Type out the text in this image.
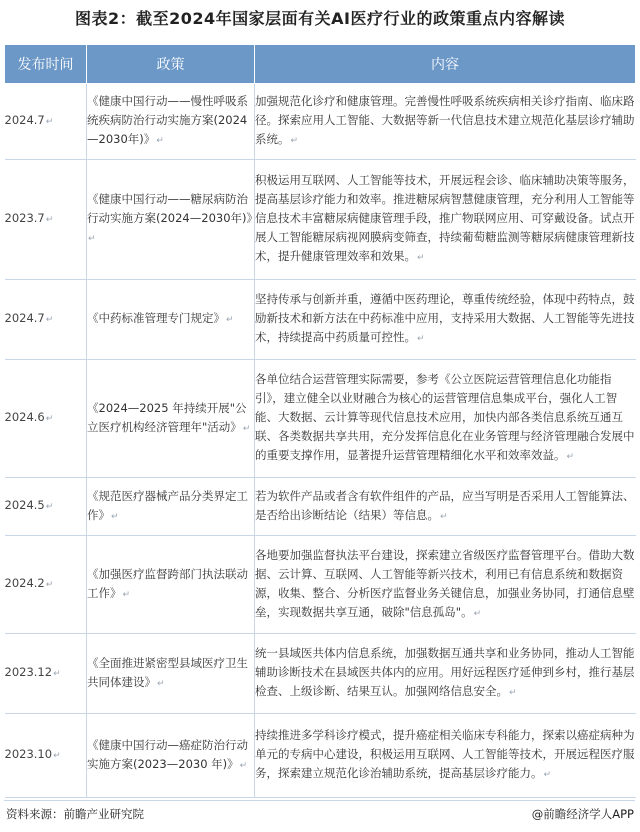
图表2：截至2024年国家层面有关AI医疗行业的政策重点内容解读
发布时间	政策	内容
2024.7↵	《健康中国行动——慢性呼吸系统疾病防治行动实施方案(2024—2030年)》↵	加强规范化诊疗和健康管理。完善慢性呼吸系统疾病相关诊疗指南、临床路径。探索应用人工智能、大数据等新一代信息技术建立规范化基层诊疗辅助系统。↵
2023.7↵	《健康中国行动——糖尿病防治行动实施方案(2024—2030年)》↵	积极运用互联网、人工智能等技术，开展远程会诊、临床辅助决策等服务，提高基层诊疗能力和效率。推进糖尿病智慧健康管理，充分利用人工智能等信息技术丰富糖尿病健康管理手段，推广物联网应用、可穿戴设备。试点开展人工智能糖尿病视网膜病变筛查，持续葡萄糖监测等糖尿病健康管理新技术，提升健康管理效率和效果。↵
2024.7↵	《中药标准管理专门规定》↵	坚持传承与创新并重，遵循中医药理论，尊重传统经验，体现中药特点，鼓励新技术和新方法在中药标准中应用，支持采用大数据、人工智能等先进技术，持续提高中药质量可控性。↵
2024.6↵	《2024—2025 年持续开展"公立医疗机构经济管理年"活动》↵	各单位结合运营管理实际需要，参考《公立医院运营管理信息化功能指引》，建立健全以业财融合为核心的运营管理信息集成平台，强化人工智能、大数据、云计算等现代信息技术应用，加快内部各类信息系统互通互联、各类数据共享共用，充分发挥信息化在业务管理与经济管理融合发展中的重要支撑作用，显著提升运营管理精细化水平和效率效益。↵
2024.5↵	《规范医疗器械产品分类界定工作》↵	若为软件产品或者含有软件组件的产品，应当写明是否采用人工智能算法、是否给出诊断结论（结果）等信息。↵
2024.2↵	《加强医疗监督跨部门执法联动工作》↵	各地要加强监督执法平台建设，探索建立省级医疗监督管理平台。借助大数据、云计算、互联网、人工智能等新兴技术，利用已有信息系统和数据资源，收集、整合、分析医疗监督业务关键信息，加强业务协同，打通信息壁垒，实现数据共享互通，破除"信息孤岛"。↵
2023.12↵	《全面推进紧密型县域医疗卫生共同体建设》↵	统一县域医共体内信息系统，加强数据互通共享和业务协同，推动人工智能辅助诊断技术在县域医共体内的应用。用好远程医疗延伸到乡村，推行基层检查、上级诊断、结果互认。加强网络信息安全。↵
2023.10↵	《健康中国行动—癌症防治行动实施方案(2023—2030 年)》↵	持续推进多学科诊疗模式，提升癌症相关临床专科能力，探索以癌症病种为单元的专病中心建设，积极运用互联网、人工智能等技术，开展远程医疗服务，探索建立规范化诊治辅助系统，提高基层诊疗能力。↵
资料来源：前瞻产业研究院	@前瞻经济学人APP
